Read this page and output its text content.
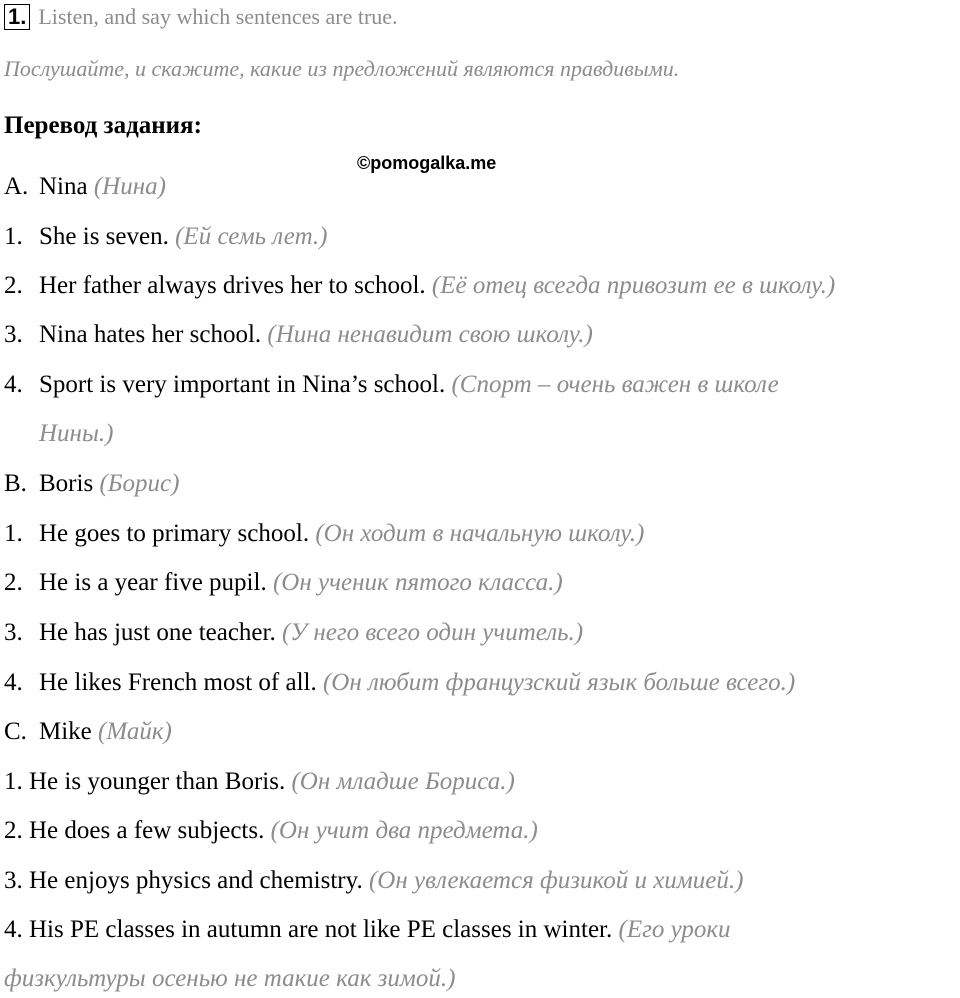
1. Listen, and say which sentences are true.
Послушайте, и скажите, какие из предложений являются правдивыми.
Перевод задания:
©pomogalka.me
A. Nina (Нина)
1. She is seven. (Ей семь лет.)
2. Her father always drives her to school. (Её отец всегда привозит ее в школу.)
3. Nina hates her school. (Нина ненавидит свою школу.)
4. Sport is very important in Nina’s school. (Спорт – очень важен в школе
Нины.)
B. Boris (Борис)
1. He goes to primary school. (Он ходит в начальную школу.)
2. He is a year five pupil. (Он ученик пятого класса.)
3. He has just one teacher. (У него всего один учитель.)
4. He likes French most of all. (Он любит французский язык больше всего.)
C. Mike (Майк)
1. He is younger than Boris. (Он младше Бориса.)
2. He does a few subjects. (Он учит два предмета.)
3. He enjoys physics and chemistry. (Он увлекается физикой и химией.)
4. His PE classes in autumn are not like PE classes in winter. (Его уроки
физкультуры осенью не такие как зимой.)
